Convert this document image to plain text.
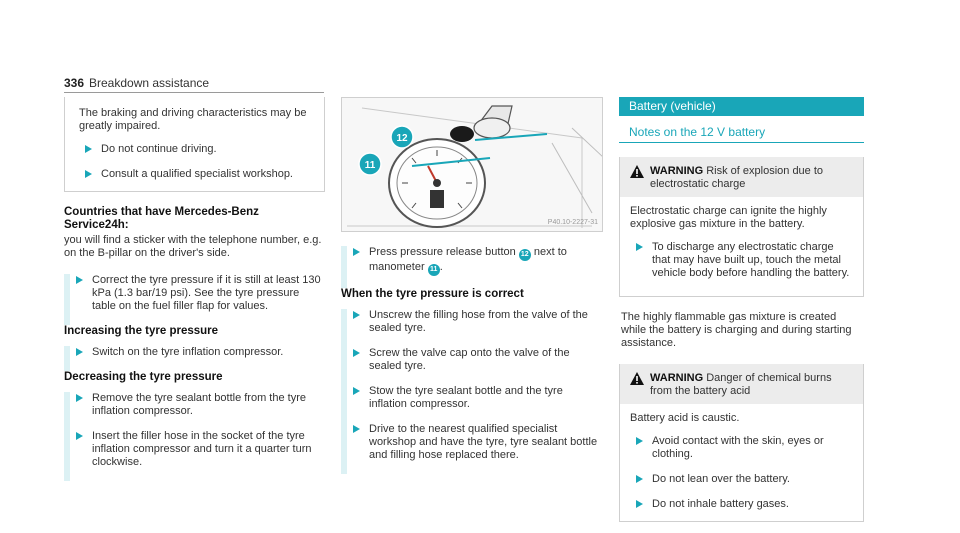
336 Breakdown assistance

The braking and driving characteristics may be greatly impaired.

Do not continue driving.
Consult a qualified specialist workshop.
Countries that have Mercedes-Benz Service24h:
you will find a sticker with the telephone number, e.g. on the B-pillar on the driver's side.
Correct the tyre pressure if it is still at least 130 kPa (1.3 bar/19 psi). See the tyre pressure table on the fuel filler flap for values.
Increasing the tyre pressure
Switch on the tyre inflation compressor.
Decreasing the tyre pressure
Remove the tyre sealant bottle from the tyre inflation compressor.
Insert the filler hose in the socket of the tyre inflation compressor and turn it a quarter turn clockwise.
12
11
P40.10-2227-31
Press pressure release button 12 next to manometer 11 .
When the tyre pressure is correct
Unscrew the filling hose from the valve of the sealed tyre.
Screw the valve cap onto the valve of the sealed tyre.
Stow the tyre sealant bottle and the tyre inflation compressor.
Drive to the nearest qualified specialist workshop and have the tyre, tyre sealant bottle and filling hose replaced there.
Battery (vehicle)
Notes on the 12 V battery
WARNING Risk of explosion due to electrostatic charge

Electrostatic charge can ignite the highly explosive gas mixture in the battery.

To discharge any electrostatic charge that may have built up, touch the metal vehicle body before handling the battery.
The highly flammable gas mixture is created while the battery is charging and during starting assistance.
WARNING Danger of chemical burns from the battery acid

Battery acid is caustic.

Avoid contact with the skin, eyes or clothing.
Do not lean over the battery.
Do not inhale battery gases.
